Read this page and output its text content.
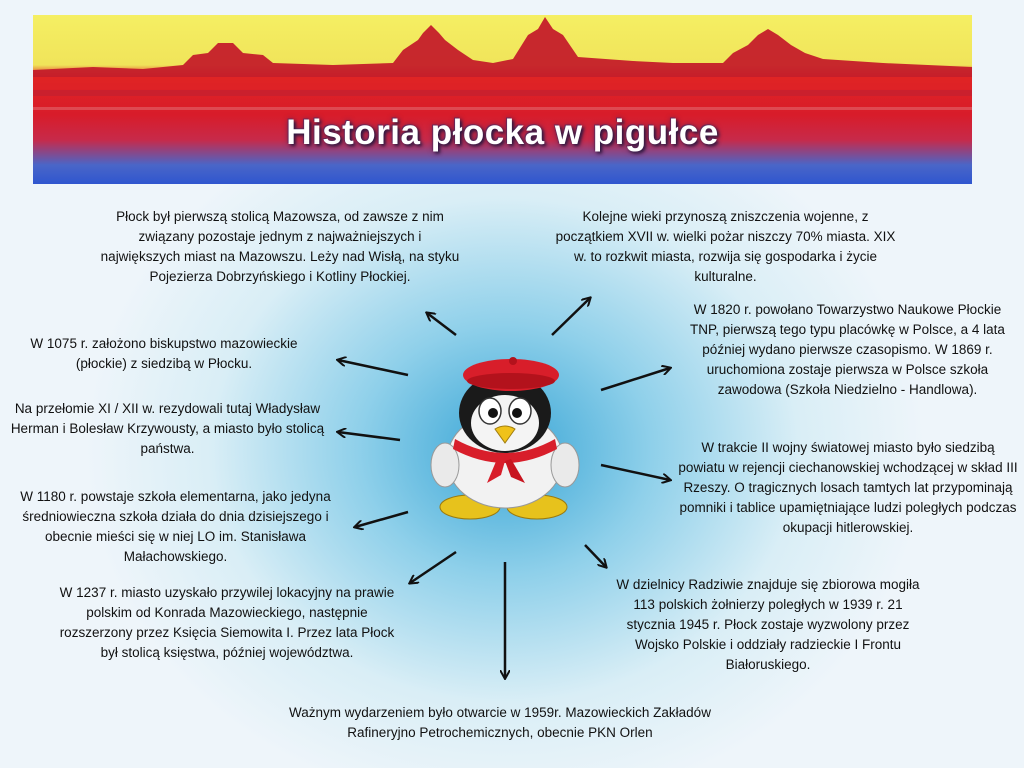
Historia płocka w pigułce

Płock był pierwszą stolicą Mazowsza, od zawsze z nim związany pozostaje jednym z najważniejszych i największych miast na Mazowszu. Leży nad Wisłą, na styku Pojezierza Dobrzyńskiego i Kotliny Płockiej.

W 1075 r. założono biskupstwo mazowieckie (płockie) z siedzibą w Płocku.

Na przełomie XI / XII w. rezydowali tutaj Władysław Herman i Bolesław Krzywousty, a miasto było stolicą państwa.

W 1180 r. powstaje szkoła elementarna, jako jedyna średniowieczna szkoła działa do dnia dzisiejszego i obecnie mieści się w niej LO im. Stanisława Małachowskiego.

W 1237 r. miasto uzyskało przywilej lokacyjny na prawie polskim od Konrada Mazowieckiego, następnie rozszerzony przez Księcia Siemowita I. Przez lata Płock był stolicą księstwa, później województwa.

Ważnym wydarzeniem było otwarcie w 1959r. Mazowieckich Zakładów Rafineryjno Petrochemicznych, obecnie PKN Orlen

Kolejne wieki przynoszą zniszczenia wojenne, z początkiem XVII w. wielki pożar niszczy 70% miasta. XIX w. to rozkwit miasta, rozwija się gospodarka i życie kulturalne.

W 1820 r. powołano Towarzystwo Naukowe Płockie TNP, pierwszą tego typu placówkę w Polsce, a 4 lata później wydano pierwsze czasopismo. W 1869 r. uruchomiona zostaje pierwsza w Polsce szkoła zawodowa (Szkoła Niedzielno - Handlowa).

W trakcie II wojny światowej miasto było siedzibą powiatu w rejencji ciechanowskiej wchodzącej w skład III Rzeszy. O tragicznych losach tamtych lat przypominają pomniki i tablice upamiętniające ludzi poległych podczas okupacji hitlerowskiej.

W dzielnicy Radziwie znajduje się zbiorowa mogiła 113 polskich żołnierzy poległych w 1939 r. 21 stycznia 1945 r. Płock zostaje wyzwolony przez Wojsko Polskie i oddziały radzieckie I Frontu Białoruskiego.
